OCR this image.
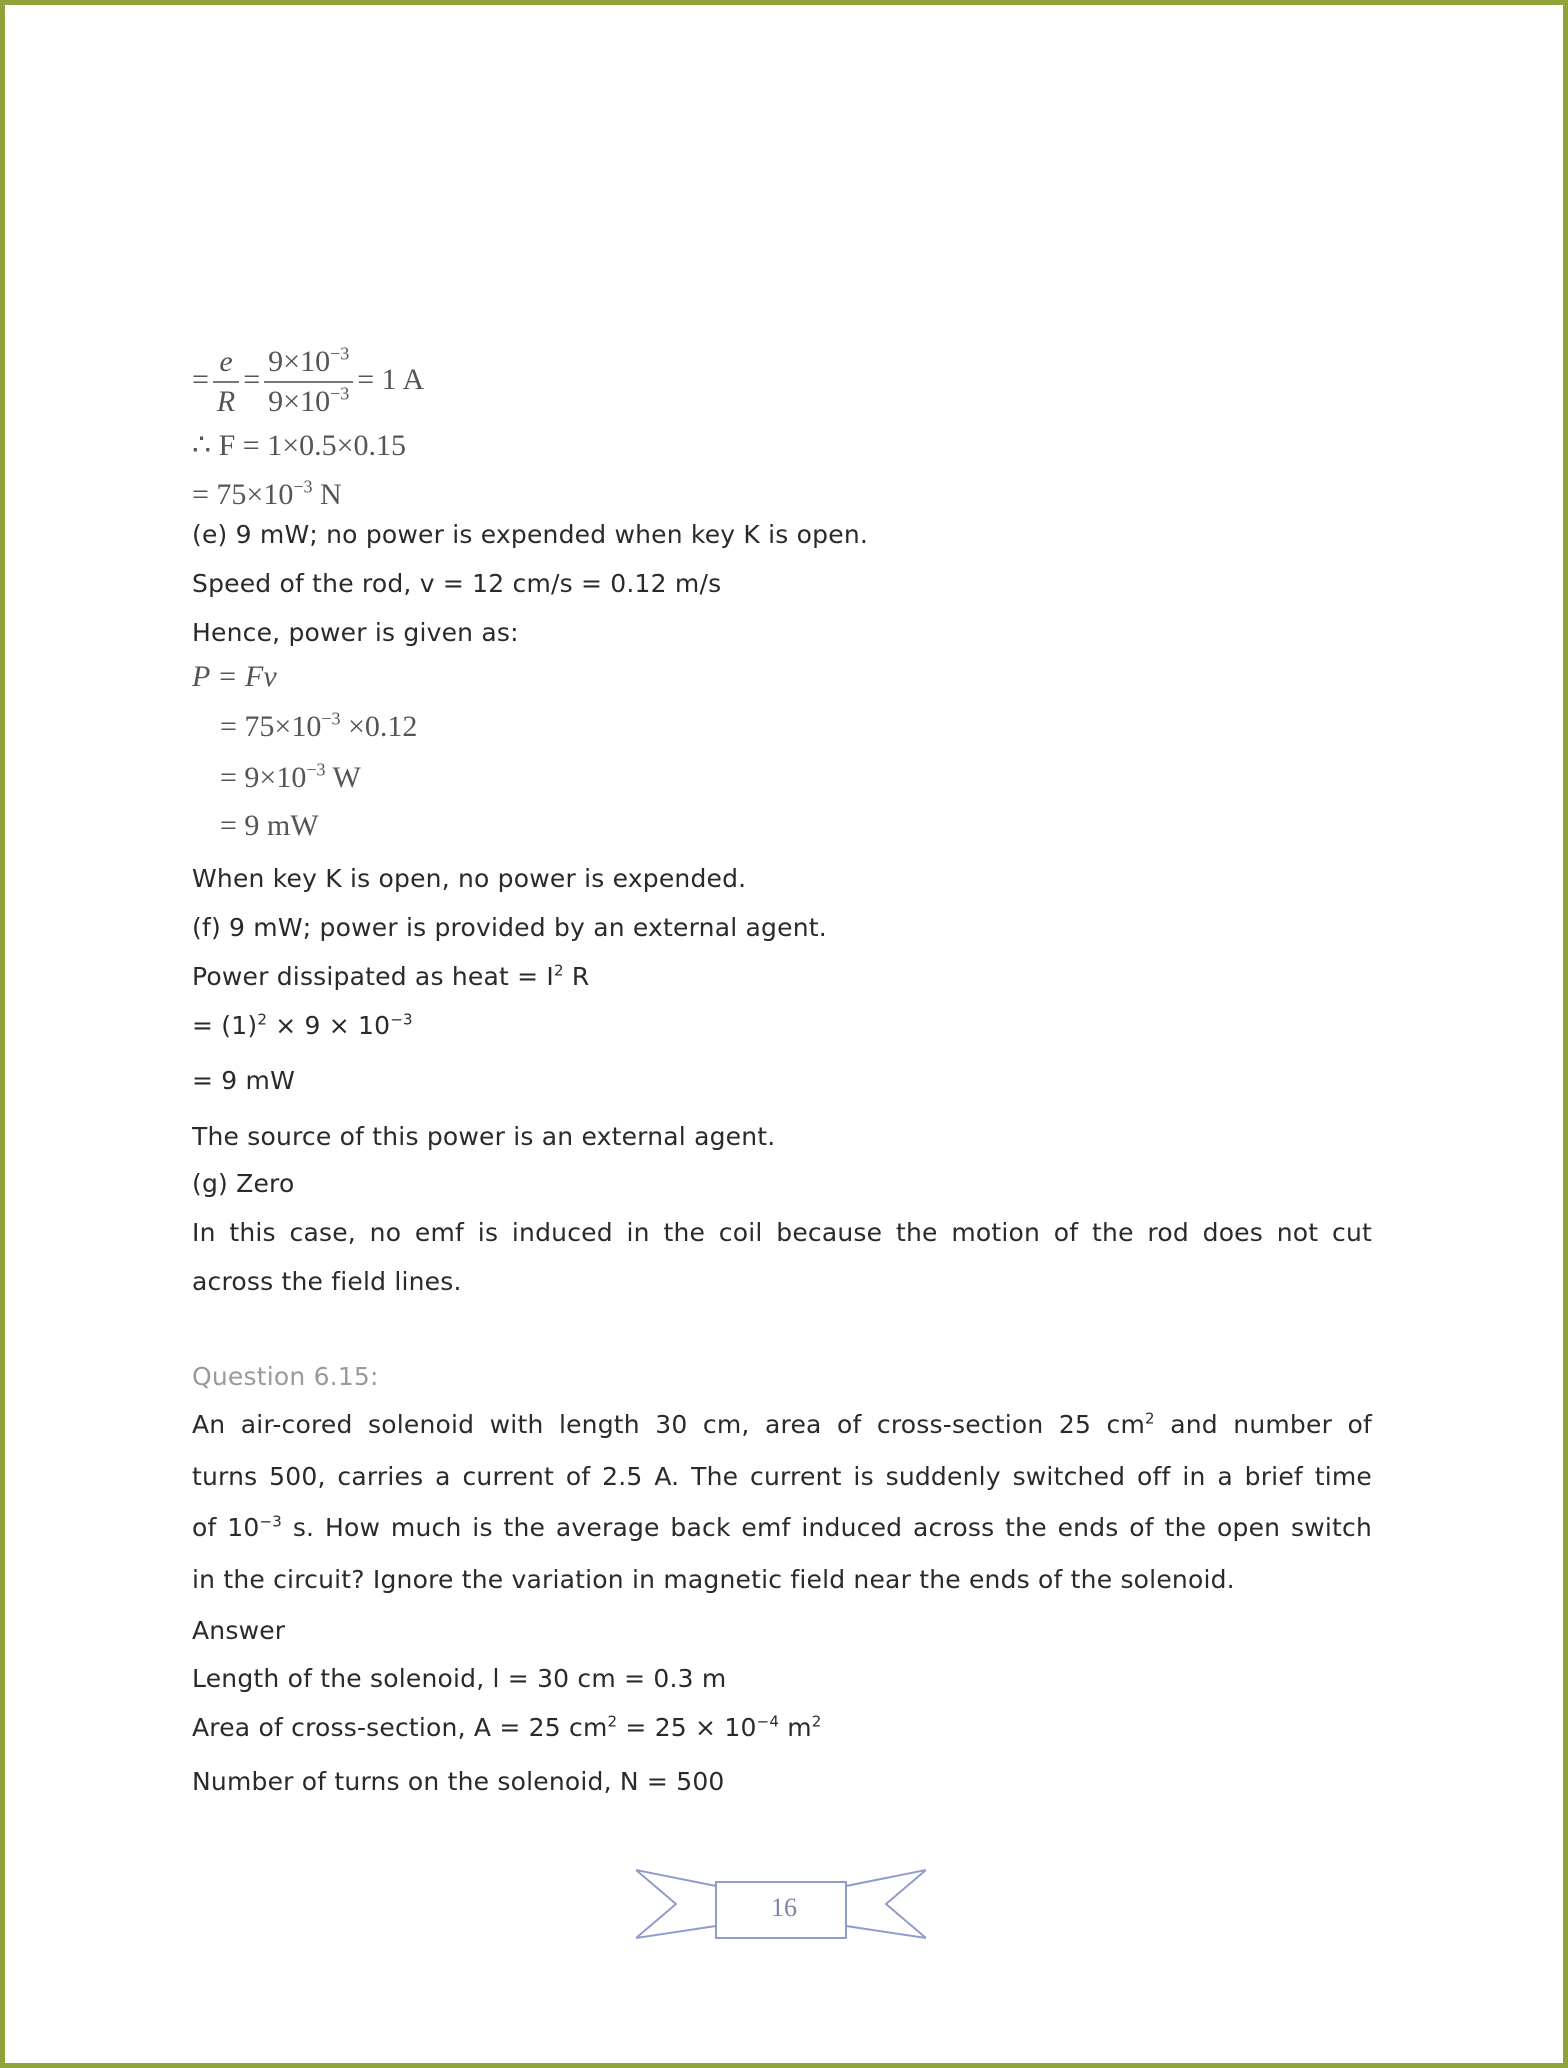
= $\frac{e}{R} = \frac{9\times 10^{-3}}{9\times 10^{-3}} = 1$ A
∴ F = 1×0.5×0.15
= $75\times 10^{-3}$ N
(e) 9 mW; no power is expended when key K is open.
Speed of the rod, v = 12 cm/s = 0.12 m/s
Hence, power is given as:
P = Fv
= $75\times 10^{-3} \times 0.12$
= $9\times 10^{-3}$ W
= 9 mW
When key K is open, no power is expended.
(f) 9 mW; power is provided by an external agent.
Power dissipated as heat = $I^2$ R
= $(1)^2 \times 9 \times 10^{-3}$
= 9 mW
The source of this power is an external agent.
(g) Zero
In this case, no emf is induced in the coil because the motion of the rod does not cut
across the field lines.
Question 6.15:
An air-cored solenoid with length 30 cm, area of cross-section 25 $cm^2$ and number of
turns 500, carries a current of 2.5 A. The current is suddenly switched off in a brief time
of $10^{-3}$ s. How much is the average back emf induced across the ends of the open switch
in the circuit? Ignore the variation in magnetic field near the ends of the solenoid.
Answer
Length of the solenoid, l = 30 cm = 0.3 m
Area of cross-section, A = 25 $cm^2 = 25 \times 10^{-4}$ $m^2$
Number of turns on the solenoid, N = 500
16
